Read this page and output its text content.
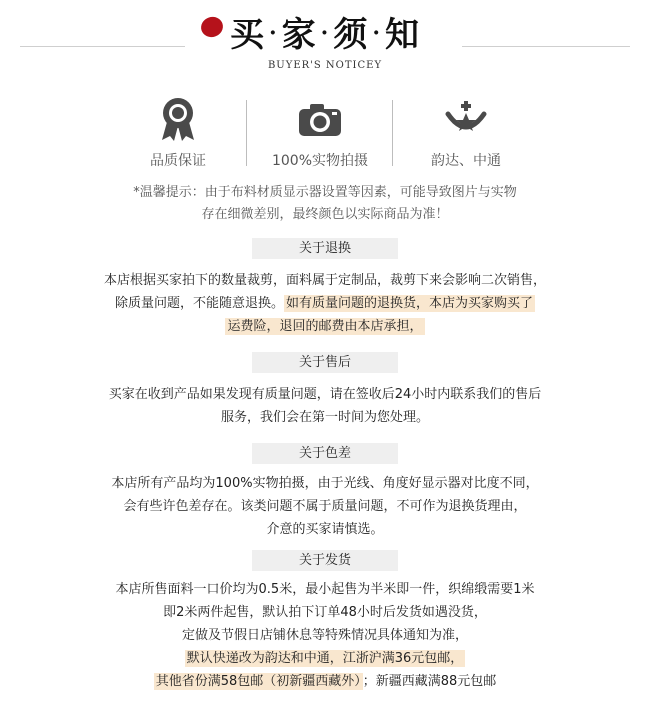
买 · 家 · 须 · 知
BUYER'S NOTICEY
品质保证	100%实物拍摄	韵达、中通
*温馨提示：由于布料材质显示器设置等因素，可能导致图片与实物
存在细微差别，最终颜色以实际商品为准！
关于退换
本店根据买家拍下的数量裁剪，面料属于定制品，裁剪下来会影响二次销售，
除质量问题，不能随意退换。 如有质量问题的退换货，本店为买家购买了
运费险，退回的邮费由本店承担，
关于售后
买家在收到产品如果发现有质量问题，请在签收后24小时内联系我们的售后
服务，我们会在第一时间为您处理。
关于色差
本店所有产品均为100%实物拍摄，由于光线、角度好显示器对比度不同，
会有些许色差存在。该类问题不属于质量问题，不可作为退换货理由，
介意的买家请慎选。
关于发货
本店所售面料一口价均为0.5米，最小起售为半米即一件，织绵缎需要1米
即2米两件起售，默认拍下订单48小时后发货如遇没货，
定做及节假日店铺休息等特殊情况具体通知为准，
默认快递改为韵达和中通，江浙沪满36元包邮，
其他省份满58包邮（初新疆西藏外） ；新疆西藏满88元包邮
